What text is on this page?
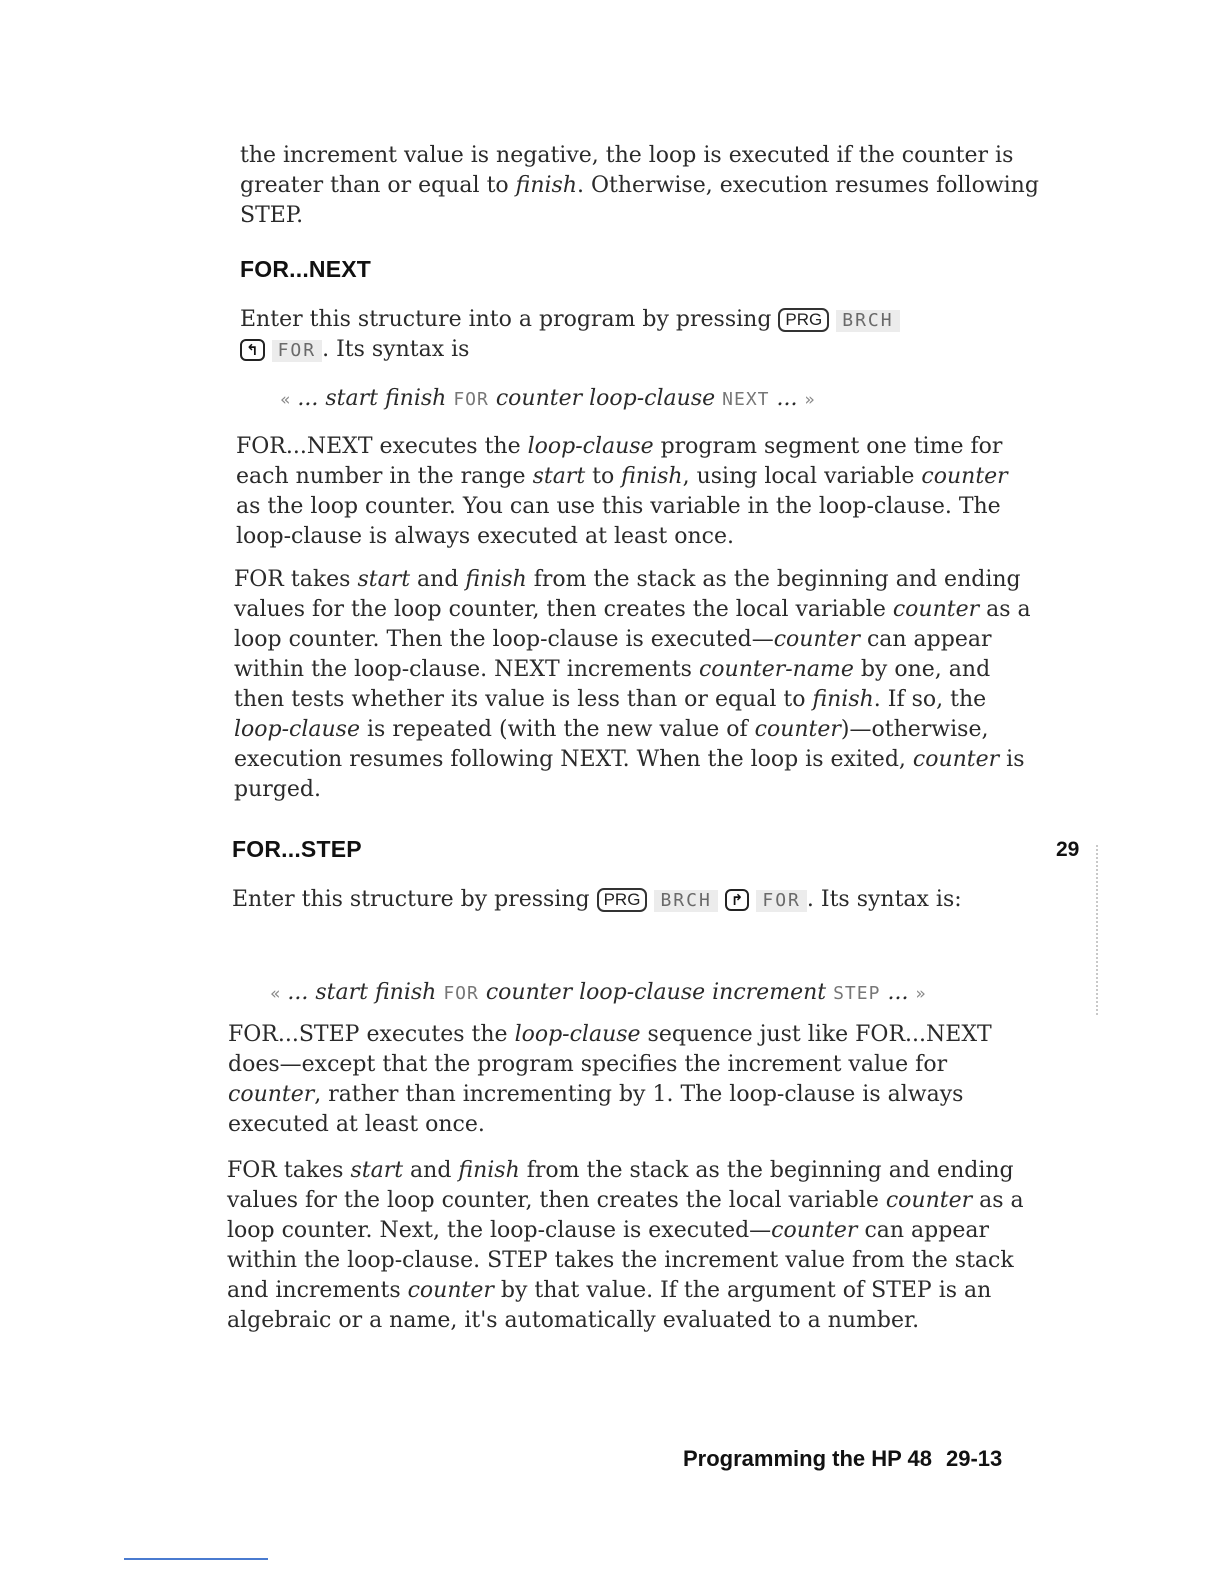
the increment value is negative, the loop is executed if the counter is greater than or equal to finish. Otherwise, execution resumes following STEP.

FOR...NEXT

Enter this structure into a program by pressing PRG BRCH
↰ FOR . Its syntax is

« ... start finish FOR counter loop-clause NEXT ... »

FOR...NEXT executes the loop-clause program segment one time for each number in the range start to finish, using local variable counter as the loop counter. You can use this variable in the loop-clause. The loop-clause is always executed at least once.

FOR takes start and finish from the stack as the beginning and ending values for the loop counter, then creates the local variable counter as a loop counter. Then the loop-clause is executed—counter can appear within the loop-clause. NEXT increments counter-name by one, and then tests whether its value is less than or equal to finish. If so, the loop-clause is repeated (with the new value of counter)—otherwise, execution resumes following NEXT. When the loop is exited, counter is purged.

FOR...STEP

Enter this structure by pressing PRG BRCH ↱ FOR . Its syntax is:

« ... start finish FOR counter loop-clause increment STEP ... »

FOR...STEP executes the loop-clause sequence just like FOR...NEXT does—except that the program specifies the increment value for counter, rather than incrementing by 1. The loop-clause is always executed at least once.

FOR takes start and finish from the stack as the beginning and ending values for the loop counter, then creates the local variable counter as a loop counter. Next, the loop-clause is executed—counter can appear within the loop-clause. STEP takes the increment value from the stack and increments counter by that value. If the argument of STEP is an algebraic or a name, it's automatically evaluated to a number.

29

Programming the HP 48 29-13
